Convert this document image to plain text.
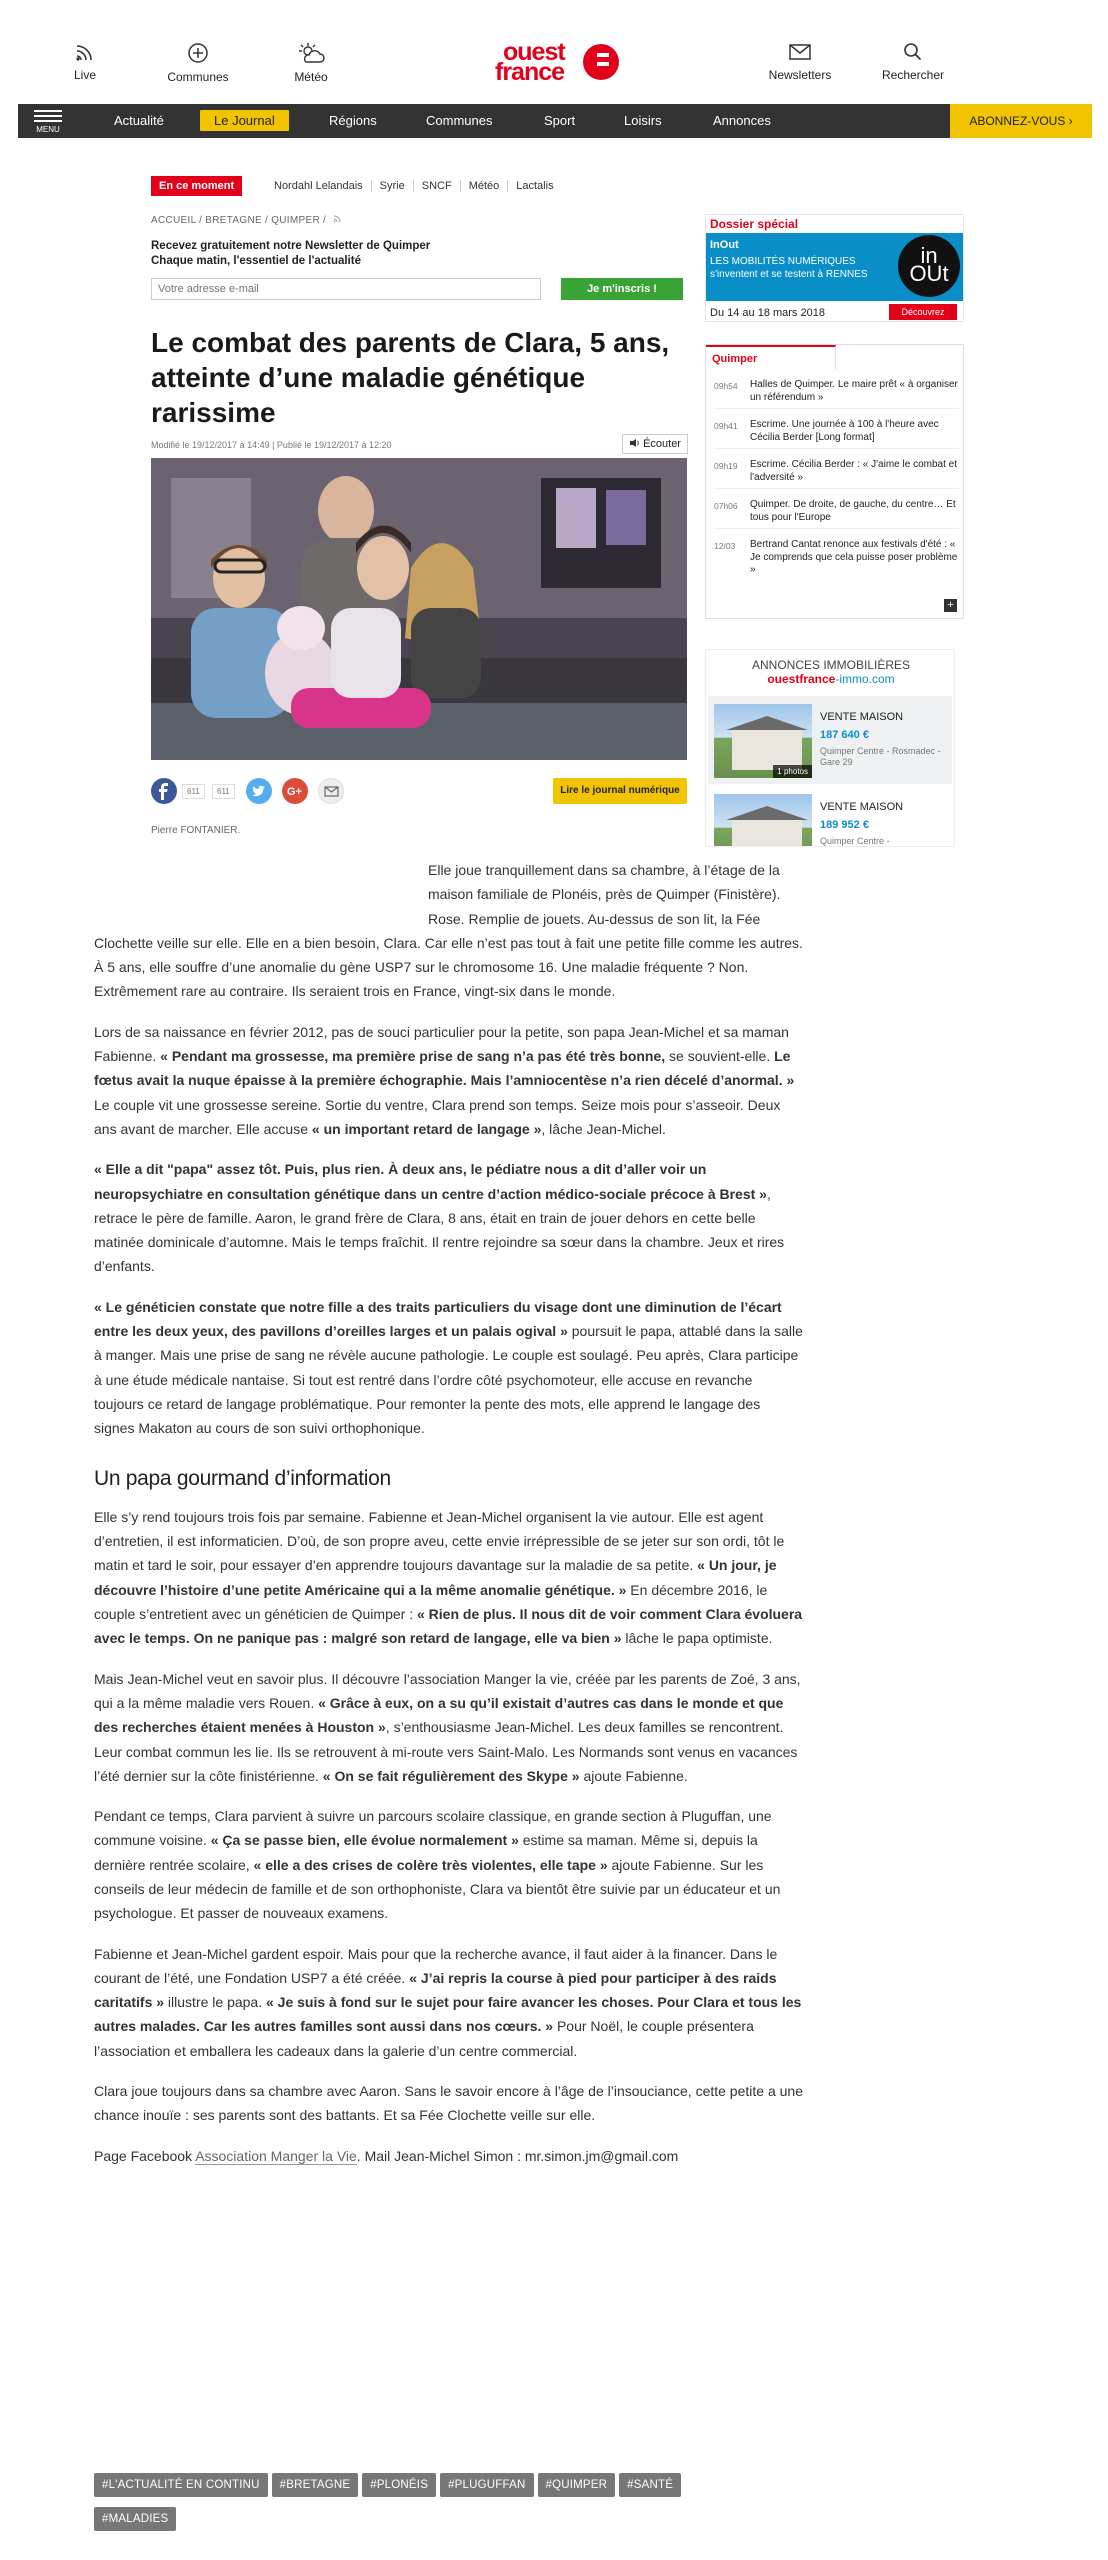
Live	Communes	Météo
ouest
france	Newsletters	Rechercher
MENU
Actualité	Le Journal	Régions	Communes	Sport	Loisirs	Annonces	ABONNEZ-VOUS ›
En ce moment	Nordahl Lelandais Syrie SNCF Météo Lactalis
ACCUEIL / BRETAGNE / QUIMPER /
Recevez gratuitement notre Newsletter de Quimper
Chaque matin, l'essentiel de l'actualité
Votre adresse e-mail
Je m'inscris !
Le combat des parents de Clara, 5 ans, atteinte d’une maladie génétique rarissime
Modifié le 19/12/2017 à 14:49 | Publié le 19/12/2017 à 12:20	Écouter
611	611	G+	Lire le journal numérique
Pierre FONTANIER.
Dossier spécial
InOut
LES MOBILITÉS NUMÉRIQUES s'inventent et se testent à RENNES
in OUt
Du 14 au 18 mars 2018	Découvrez
Quimper
09h54 Halles de Quimper. Le maire prêt « à organiser un référendum »
09h41 Escrime. Une journée à 100 à l'heure avec Cécilia Berder [Long format]
09h19 Escrime. Cécilia Berder : « J'aime le combat et l'adversité »
07h06 Quimper. De droite, de gauche, du centre… Et tous pour l'Europe
12/03 Bertrand Cantat renonce aux festivals d'été : « Je comprends que cela puisse poser problème »
+
ANNONCES IMMOBILIÈRES
ouestfrance-immo.com
1 photos
VENTE MAISON
187 640 €
Quimper Centre - Rosmadec - Gare 29
VENTE MAISON
189 952 €
Quimper Centre -

Elle joue tranquillement dans sa chambre, à l’étage de la maison familiale de Plonéis, près de Quimper (Finistère). Rose. Remplie de jouets. Au-dessus de son lit, la Fée Clochette veille sur elle. Elle en a bien besoin, Clara. Car elle n’est pas tout à fait une petite fille comme les autres. À 5 ans, elle souffre d’une anomalie du gène USP7 sur le chromosome 16. Une maladie fréquente ? Non. Extrêmement rare au contraire. Ils seraient trois en France, vingt-six dans le monde.

Lors de sa naissance en février 2012, pas de souci particulier pour la petite, son papa Jean-Michel et sa maman Fabienne. « Pendant ma grossesse, ma première prise de sang n’a pas été très bonne, se souvient-elle. Le fœtus avait la nuque épaisse à la première échographie. Mais l’amniocentèse n’a rien décelé d’anormal. » Le couple vit une grossesse sereine. Sortie du ventre, Clara prend son temps. Seize mois pour s’asseoir. Deux ans avant de marcher. Elle accuse « un important retard de langage », lâche Jean-Michel.

« Elle a dit "papa" assez tôt. Puis, plus rien. À deux ans, le pédiatre nous a dit d’aller voir un neuropsychiatre en consultation génétique dans un centre d’action médico-sociale précoce à Brest », retrace le père de famille. Aaron, le grand frère de Clara, 8 ans, était en train de jouer dehors en cette belle matinée dominicale d’automne. Mais le temps fraîchit. Il rentre rejoindre sa sœur dans la chambre. Jeux et rires d’enfants.

« Le généticien constate que notre fille a des traits particuliers du visage dont une diminution de l’écart entre les deux yeux, des pavillons d’oreilles larges et un palais ogival » poursuit le papa, attablé dans la salle à manger. Mais une prise de sang ne révèle aucune pathologie. Le couple est soulagé. Peu après, Clara participe à une étude médicale nantaise. Si tout est rentré dans l’ordre côté psychomoteur, elle accuse en revanche toujours ce retard de langage problématique. Pour remonter la pente des mots, elle apprend le langage des signes Makaton au cours de son suivi orthophonique.

Un papa gourmand d’information

Elle s’y rend toujours trois fois par semaine. Fabienne et Jean-Michel organisent la vie autour. Elle est agent d’entretien, il est informaticien. D’où, de son propre aveu, cette envie irrépressible de se jeter sur son ordi, tôt le matin et tard le soir, pour essayer d’en apprendre toujours davantage sur la maladie de sa petite. « Un jour, je découvre l’histoire d’une petite Américaine qui a la même anomalie génétique. » En décembre 2016, le couple s’entretient avec un généticien de Quimper : « Rien de plus. Il nous dit de voir comment Clara évoluera avec le temps. On ne panique pas : malgré son retard de langage, elle va bien » lâche le papa optimiste.

Mais Jean-Michel veut en savoir plus. Il découvre l’association Manger la vie, créée par les parents de Zoé, 3 ans, qui a la même maladie vers Rouen. « Grâce à eux, on a su qu’il existait d’autres cas dans le monde et que des recherches étaient menées à Houston », s’enthousiasme Jean-Michel. Les deux familles se rencontrent. Leur combat commun les lie. Ils se retrouvent à mi-route vers Saint-Malo. Les Normands sont venus en vacances l’été dernier sur la côte finistérienne. « On se fait régulièrement des Skype » ajoute Fabienne.

Pendant ce temps, Clara parvient à suivre un parcours scolaire classique, en grande section à Pluguffan, une commune voisine. « Ça se passe bien, elle évolue normalement » estime sa maman. Même si, depuis la dernière rentrée scolaire, « elle a des crises de colère très violentes, elle tape » ajoute Fabienne. Sur les conseils de leur médecin de famille et de son orthophoniste, Clara va bientôt être suivie par un éducateur et un psychologue. Et passer de nouveaux examens.

Fabienne et Jean-Michel gardent espoir. Mais pour que la recherche avance, il faut aider à la financer. Dans le courant de l’été, une Fondation USP7 a été créée. « J’ai repris la course à pied pour participer à des raids caritatifs » illustre le papa. « Je suis à fond sur le sujet pour faire avancer les choses. Pour Clara et tous les autres malades. Car les autres familles sont aussi dans nos cœurs. » Pour Noël, le couple présentera l’association et emballera les cadeaux dans la galerie d’un centre commercial.

Clara joue toujours dans sa chambre avec Aaron. Sans le savoir encore à l’âge de l’insouciance, cette petite a une chance inouïe : ses parents sont des battants. Et sa Fée Clochette veille sur elle.

Page Facebook Association Manger la Vie. Mail Jean-Michel Simon : mr.simon.jm@gmail.com

#L'ACTUALITÉ EN CONTINU #BRETAGNE #PLONÉIS #PLUGUFFAN #QUIMPER #SANTÉ
#MALADIES
